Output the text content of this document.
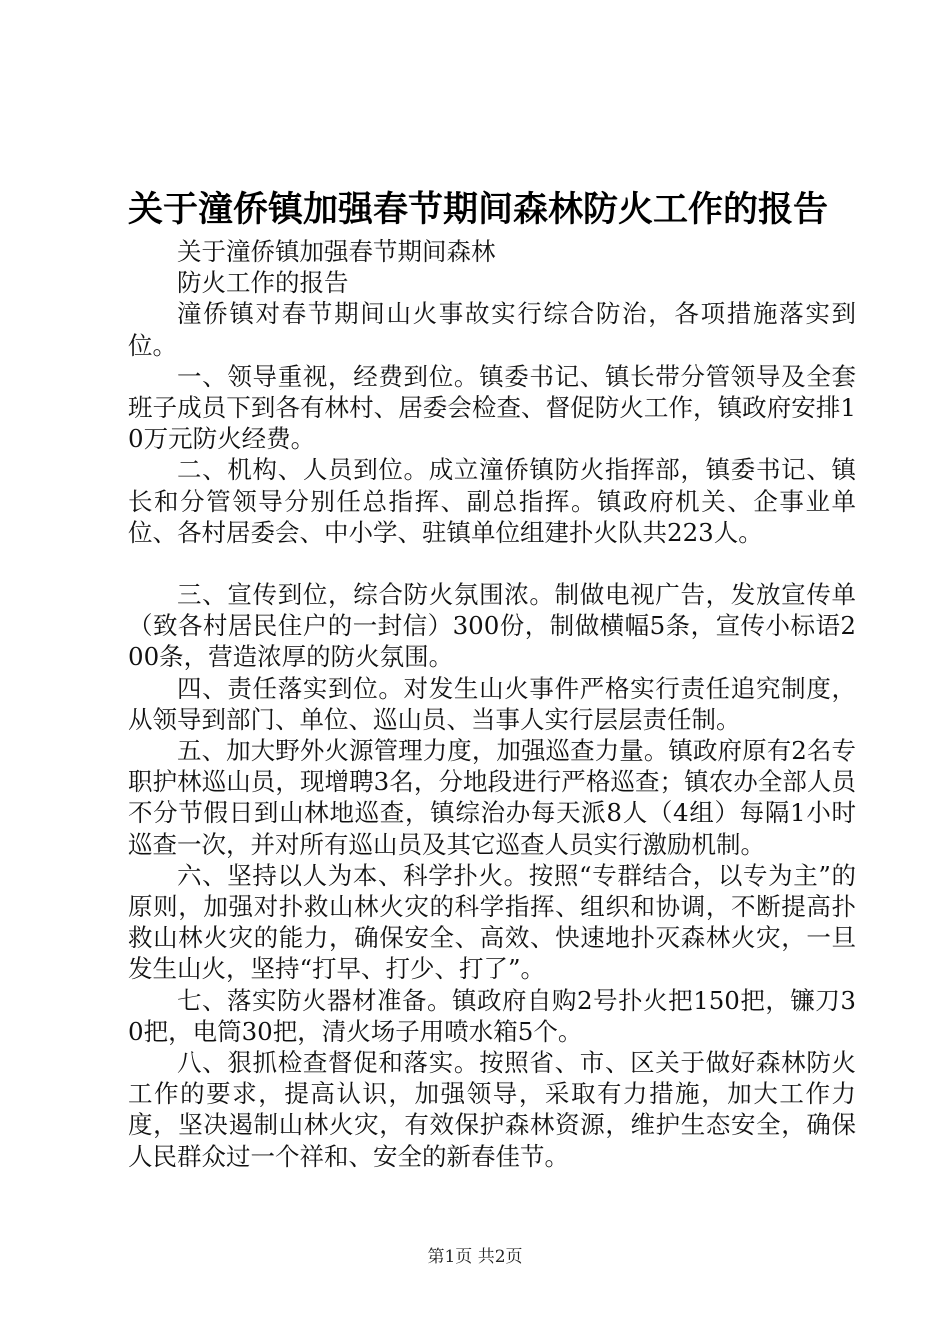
关于潼侨镇加强春节期间森林防火工作的报告

关于潼侨镇加强春节期间森林

防火工作的报告

潼侨镇对春节期间山火事故实行综合防治，各项措施落实到位。

一、领导重视，经费到位。镇委书记、镇长带分管领导及全套班子成员下到各有林村、居委会检查、督促防火工作，镇政府安排10万元防火经费。

二、机构、人员到位。成立潼侨镇防火指挥部，镇委书记、镇长和分管领导分别任总指挥、副总指挥。镇政府机关、企事业单位、各村居委会、中小学、驻镇单位组建扑火队共223人。

三、宣传到位，综合防火氛围浓。制做电视广告，发放宣传单（致各村居民住户的一封信）300份，制做横幅5条，宣传小标语200条，营造浓厚的防火氛围。

四、责任落实到位。对发生山火事件严格实行责任追究制度，从领导到部门、单位、巡山员、当事人实行层层责任制。

五、加大野外火源管理力度，加强巡查力量。镇政府原有2名专职护林巡山员，现增聘3名，分地段进行严格巡查；镇农办全部人员不分节假日到山林地巡查，镇综治办每天派8人（4组）每隔1小时巡查一次，并对所有巡山员及其它巡查人员实行激励机制。

六、坚持以人为本、科学扑火。按照“专群结合，以专为主”的原则，加强对扑救山林火灾的科学指挥、组织和协调，不断提高扑救山林火灾的能力，确保安全、高效、快速地扑灭森林火灾，一旦发生山火，坚持“打早、打少、打了”。

七、落实防火器材准备。镇政府自购2号扑火把150把，镰刀30把，电筒30把，清火场子用喷水箱5个。

八、狠抓检查督促和落实。按照省、市、区关于做好森林防火工作的要求，提高认识，加强领导，采取有力措施，加大工作力度，坚决遏制山林火灾，有效保护森林资源，维护生态安全，确保人民群众过一个祥和、安全的新春佳节。

第1页 共2页
